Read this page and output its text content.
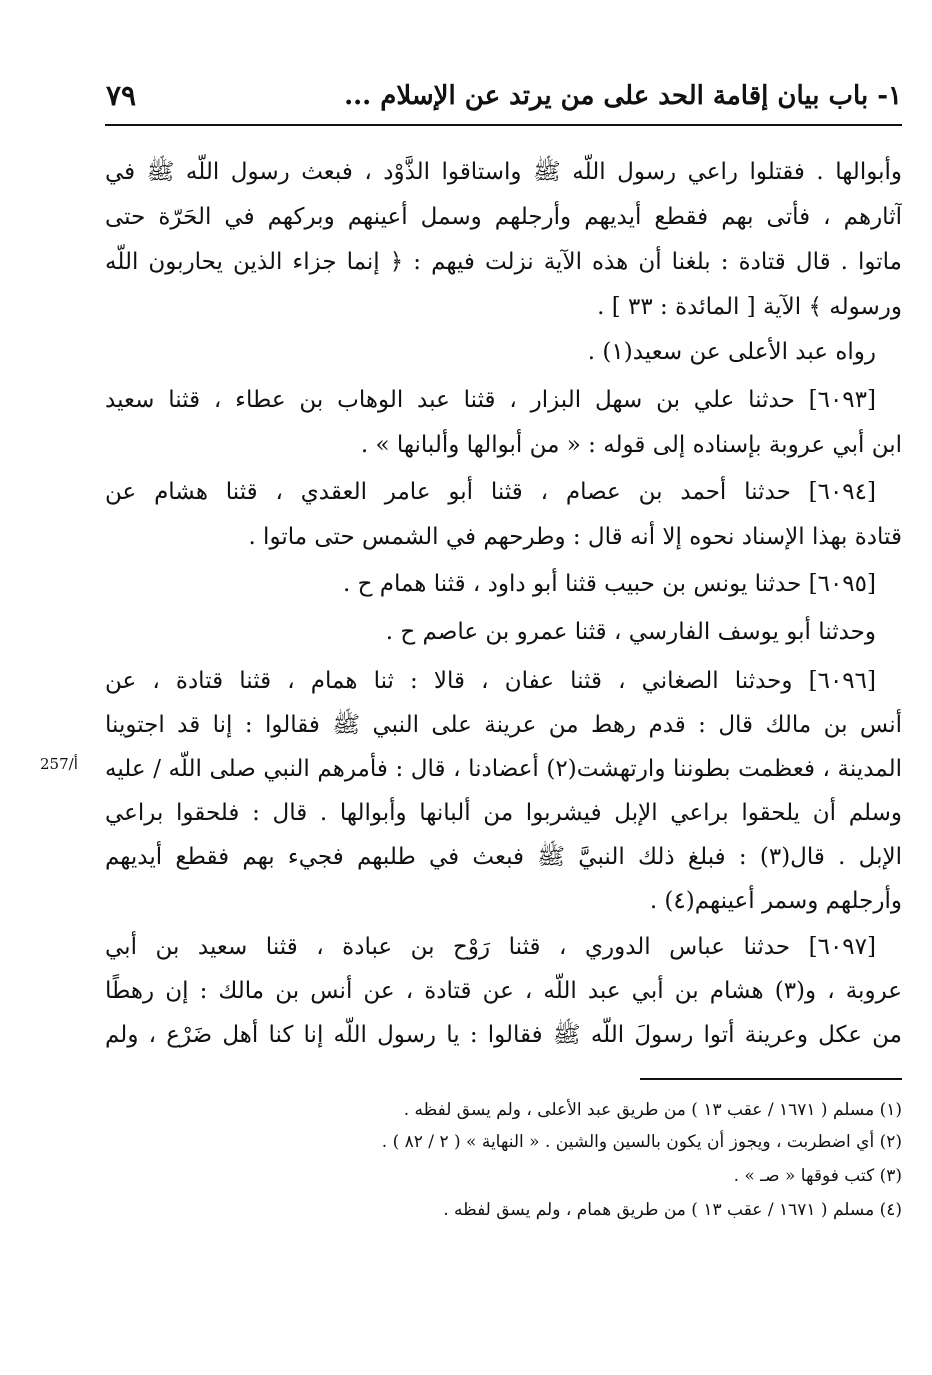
١- باب بيان إقامة الحد على من يرتد عن الإسلام ...
٧٩
وأبوالها . فقتلوا راعي رسول اللّه ﷺ واستاقوا الذَّوْد ، فبعث رسول اللّه ﷺ في
آثارهم ، فأتى بهم فقطع أيديهم وأرجلهم وسمل أعينهم وبركهم في الحَرّة حتى
ماتوا . قال قتادة : بلغنا أن هذه الآية نزلت فيهم : ﴿ إنما جزاء الذين يحاربون اللّه
ورسوله ﴾ الآية [ المائدة : ٣٣ ] .
رواه عبد الأعلى عن سعيد(١) .
[٦٠٩٣] حدثنا علي بن سهل البزار ، قثنا عبد الوهاب بن عطاء ، قثنا سعيد
ابن أبي عروبة بإسناده إلى قوله : « من أبوالها وألبانها » .
[٦٠٩٤] حدثنا أحمد بن عصام ، قثنا أبو عامر العقدي ، قثنا هشام عن
قتادة بهذا الإسناد نحوه إلا أنه قال : وطرحهم في الشمس حتى ماتوا .
[٦٠٩٥] حدثنا يونس بن حبيب قثنا أبو داود ، قثنا همام ح .
وحدثنا أبو يوسف الفارسي ، قثنا عمرو بن عاصم ح .
[٦٠٩٦] وحدثنا الصغاني ، قثنا عفان ، قالا : ثنا همام ، قثنا قتادة ، عن
أنس بن مالك قال : قدم رهط من عرينة على النبي ﷺ فقالوا : إنا قد اجتوينا
المدينة ، فعظمت بطوننا وارتهشت(٢) أعضادنا ، قال : فأمرهم النبي صلى اللّه / عليه
وسلم أن يلحقوا براعي الإبل فيشربوا من ألبانها وأبوالها . قال : فلحقوا براعي
الإبل . قال(٣) : فبلغ ذلك النبيَّ ﷺ فبعث في طلبهم فجيء بهم فقطع أيديهم
وأرجلهم وسمر أعينهم(٤) .
[٦٠٩٧] حدثنا عباس الدوري ، قثنا رَوْح بن عبادة ، قثنا سعيد بن أبي
عروبة ، و(٣) هشام بن أبي عبد اللّه ، عن قتادة ، عن أنس بن مالك : إن رهطًا
من عكل وعرينة أتوا رسولَ اللّه ﷺ فقالوا : يا رسول اللّه إنا كنا أهل ضَرْع ، ولم
257/أ
(١) مسلم ( ١٦٧١ / عقب ١٣ ) من طريق عبد الأعلى ، ولم يسق لفظه .
(٢) أي اضطربت ، ويجوز أن يكون بالسين والشين . « النهاية » ( ٢ / ٨٢ ) .
(٣) كتب فوقها « صـ » .
(٤) مسلم ( ١٦٧١ / عقب ١٣ ) من طريق همام ، ولم يسق لفظه .
